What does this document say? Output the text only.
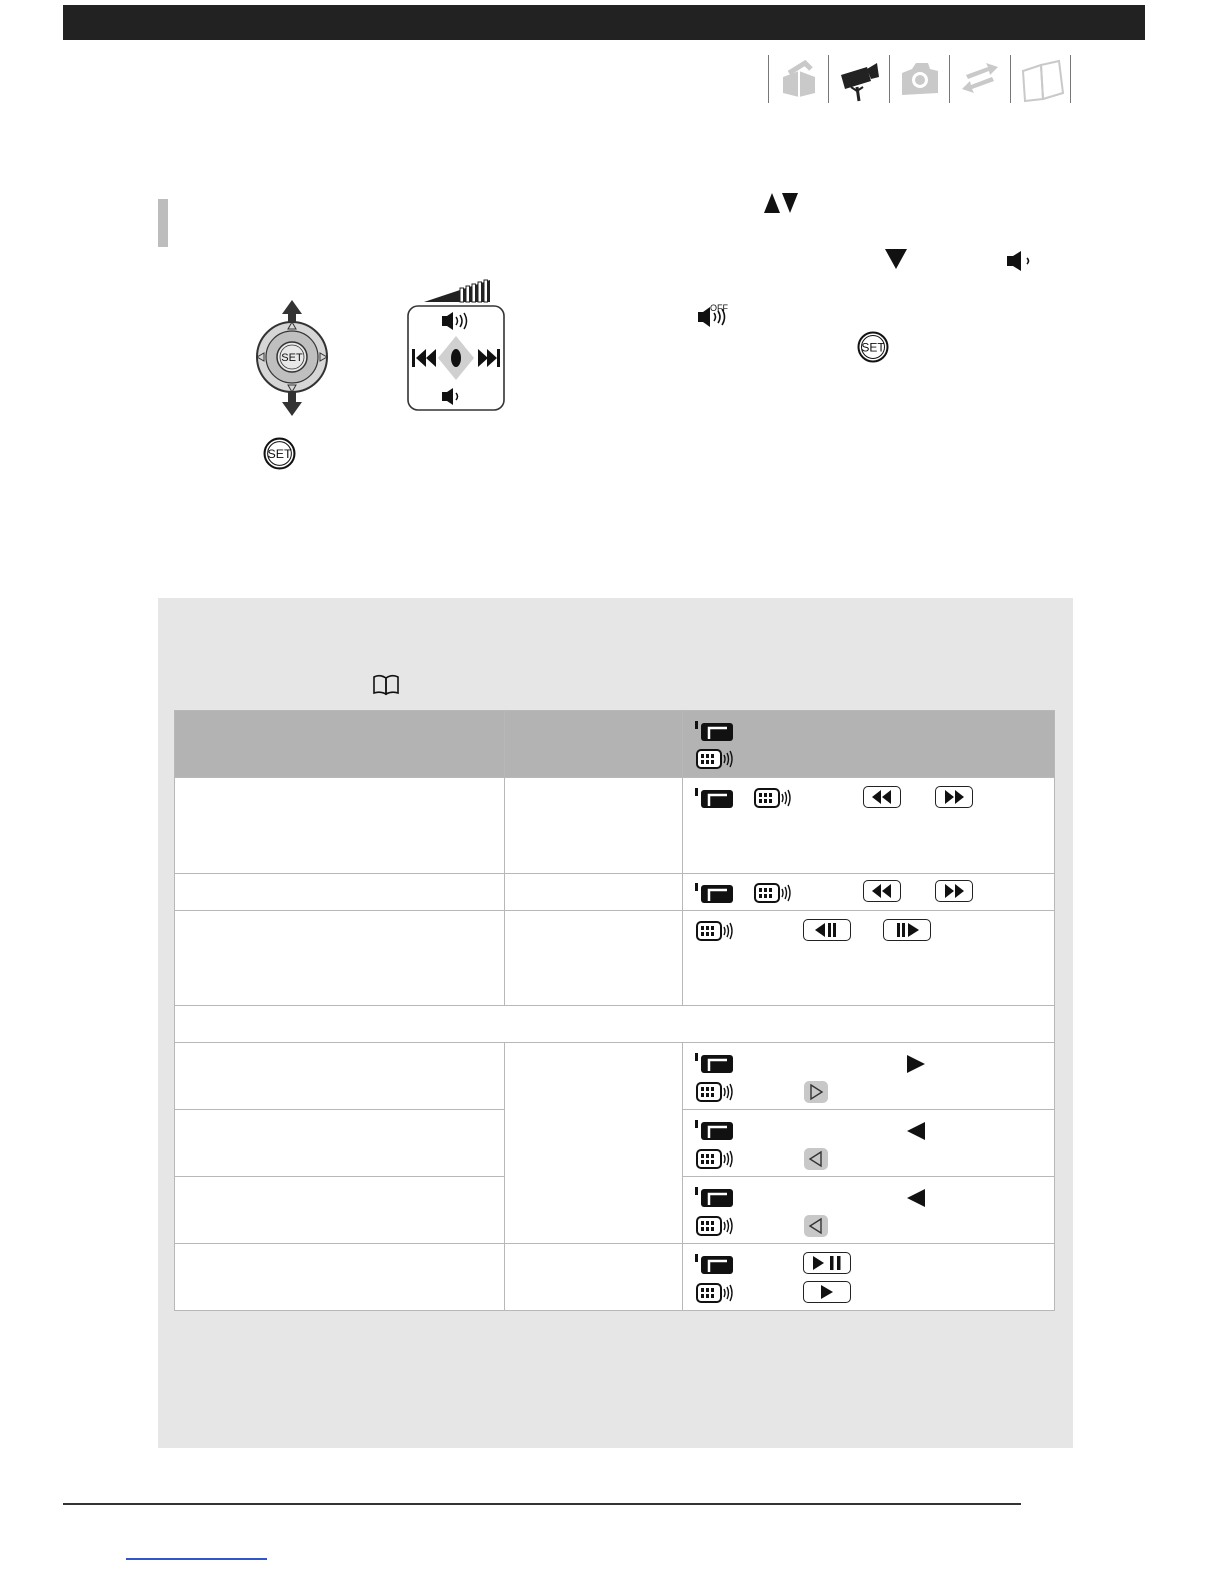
OFF
SET
SET
SET
